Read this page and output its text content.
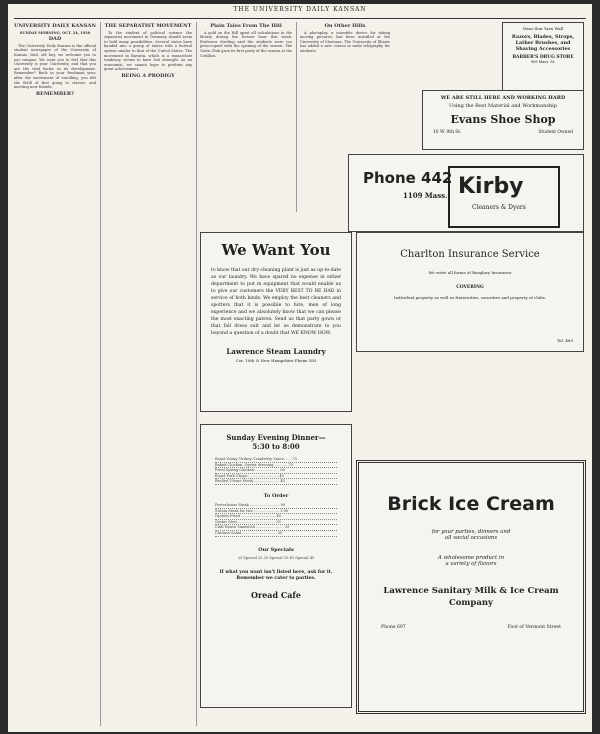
THE UNIVERSITY DAILY KANSAN
UNIVERSITY DAILY KANSAN
SUNDAY MORNING, OCT. 24, 1920
DAD

The University Daily Kansan is the official student newspaper of the University of Kansas. Dad, old boy, we welcome you to our campus. We want you to feel that this University is your University, and that you are the vital factor in its development. Remember? Back in your freshman year, after the excitement of enrolling, you felt the thrill of first going to classes, and meeting new friends.

REMEMBER?
THE SEPARATIST MOVEMENT

To the student of political science the separatist movement in Germany should seem to hold many possibilities. Several states have banded into a group of states with a federal system similar to that of the United States. The movement in Bavaria, which is a monarchist tendency, seems to have lost strength. As an economist, we cannot hope to perform any great achievement.

BEING A PRODIGY
Plain Tales From The Hill

A gold on the Hill upset all calculations in the library during the lecture hour this week. Professor Sterling said the students were too preoccupied with the opening of the season. The Gown Club gave its first party of the season at the Cotillion.

On Other Hills

A photoplay, a scientific device for taking moving pictures, has been installed at the University of Montana. The University of Illinois has added a new course in radio telegraphy for students.

Wear that Yarn Wall
Razors, Blades, Strops, Lather Brushes, and Shaving Accessories
BARBER'S DRUG STORE
909 Mass. St.
WE ARE STILL HERE AND WORKING HARD
Using the Best Material and Workmanship
Evans Shoe Shop
10 W. 9th St.	Student Owned
Phone 442
1109 Mass. Kirby
Cleaners & Dyers
We Want You
to know that our dry-cleaning plant is just as up-to-date as our laundry. We have spared no expense in either department to put in equipment that would enable us to give our customers the VERY BEST TO BE HAD in service of both kinds. We employ the best cleaners and spotters that it is possible to hire, men of long experience and we absolutely know that we can please the most exacting patron. Send us that party gown or that fall dress suit and let us demonstrate to you beyond a question of a doubt that WE KNOW HOW.
Lawrence Steam Laundry
Cor. 10th & New Hampshire Phone 383
Charlton Insurance Service
We write all forms of Burglary Insurance
COVERING
Individual property as well as fraternities, sororities and property of clubs.
Tel. 489
Sunday Evening Dinner—
5:30 to 8:00
Roast Young Turkey, Cranberry Sauce ..... 75
Baked Chicken, Oyster dressing ........... 75
Fried Spring Chicken ..................... 60
Roast Pork Chops .......................... 40
Broiled T-bone Steak ...................... 45
To Order
Porterhouse Steak .......................... 90
Sirloin Steak for two ...................... 1.00
Oysters Fried .............................. 45
Oyster Stew ................................ 35
Club House Sandwich ........................ 35
Chicken Salad .............................. 35
Our Specials
25 Special 25 35 Special 35 45 Special 45
If what you want isn't listed here, ask for it. Remember we cater to parties.
Oread Cafe
Brick Ice Cream
for your parties, dinners and
all social occasions
A wholesome product in
a variety of flavors
Lawrence Sanitary Milk & Ice Cream Company
Phone 697	Foot of Vermont Street
